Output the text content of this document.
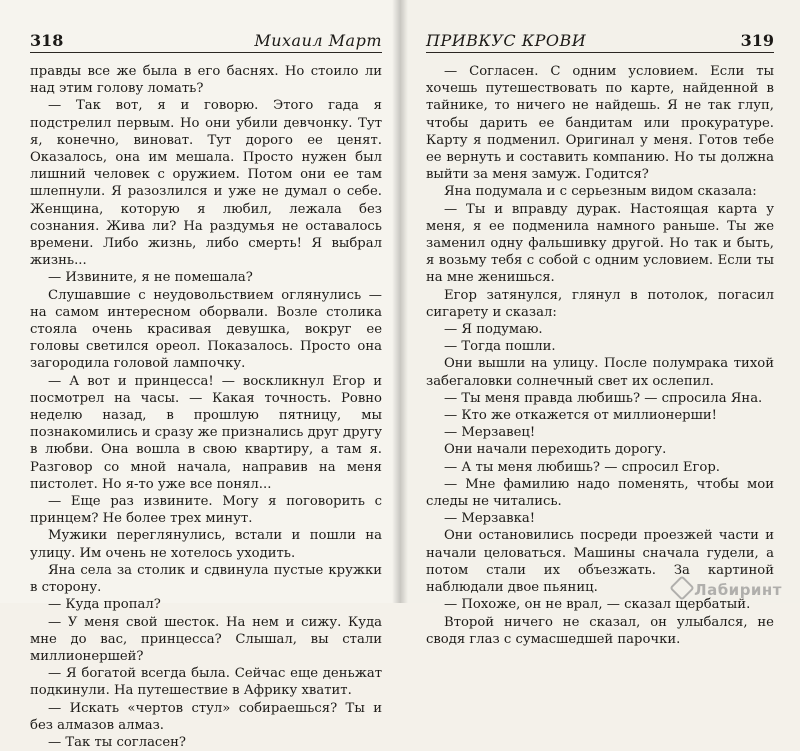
318	Михаил Март

правды все же была в его баснях. Но стоило ли над этим голову ломать?

— Так вот, я и говорю. Этого гада я подстрелил первым. Но они убили девчонку. Тут я, конечно, виноват. Тут дорого ее ценят. Оказалось, она им мешала. Просто нужен был лишний человек с оружием. Потом они ее там шлепнули. Я разозлился и уже не думал о себе. Женщина, которую я любил, лежала без сознания. Жива ли? На раздумья не оставалось времени. Либо жизнь, либо смерть! Я выбрал жизнь...

— Извините, я не помешала?

Слушавшие с неудовольствием оглянулись — на самом интересном оборвали. Возле столика стояла очень красивая девушка, вокруг ее головы светился ореол. Показалось. Просто она загородила головой лампочку.

— А вот и принцесса! — воскликнул Егор и посмотрел на часы. — Какая точность. Ровно неделю назад, в прошлую пятницу, мы познакомились и сразу же признались друг другу в любви. Она вошла в свою квартиру, а там я. Разговор со мной начала, направив на меня пистолет. Но я-то уже все понял...

— Еще раз извините. Могу я поговорить с принцем? Не более трех минут.

Мужики переглянулись, встали и пошли на улицу. Им очень не хотелось уходить.

Яна села за столик и сдвинула пустые кружки в сторону.

— Куда пропал?

— У меня свой шесток. На нем и сижу. Куда мне до вас, принцесса? Слышал, вы стали миллионершей?

— Я богатой всегда была. Сейчас еще деньжат подкинули. На путешествие в Африку хватит.

— Искать «чертов стул» собираешься? Ты и без алмазов алмаз.

— Так ты согласен?

ПРИВКУС КРОВИ	319

— Согласен. С одним условием. Если ты хочешь путешествовать по карте, найденной в тайнике, то ничего не найдешь. Я не так глуп, чтобы дарить ее бандитам или прокуратуре. Карту я подменил. Оригинал у меня. Готов тебе ее вернуть и составить компанию. Но ты должна выйти за меня замуж. Годится?

Яна подумала и с серьезным видом сказала:

— Ты и вправду дурак. Настоящая карта у меня, я ее подменила намного раньше. Ты же заменил одну фальшивку другой. Но так и быть, я возьму тебя с собой с одним условием. Если ты на мне женишься.

Егор затянулся, глянул в потолок, погасил сигарету и сказал:

— Я подумаю.

— Тогда пошли.

Они вышли на улицу. После полумрака тихой забегаловки солнечный свет их ослепил.

— Ты меня правда любишь? — спросила Яна.

— Кто же откажется от миллионерши!

— Мерзавец!

Они начали переходить дорогу.

— А ты меня любишь? — спросил Егор.

— Мне фамилию надо поменять, чтобы мои следы не читались.

— Мерзавка!

Они остановились посреди проезжей части и начали целоваться. Машины сначала гудели, а потом стали их объезжать. За картиной наблюдали двое пьяниц.

— Похоже, он не врал, — сказал щербатый.

Второй ничего не сказал, он улыбался, не сводя глаз с сумасшедшей парочки.

Лабиринт
